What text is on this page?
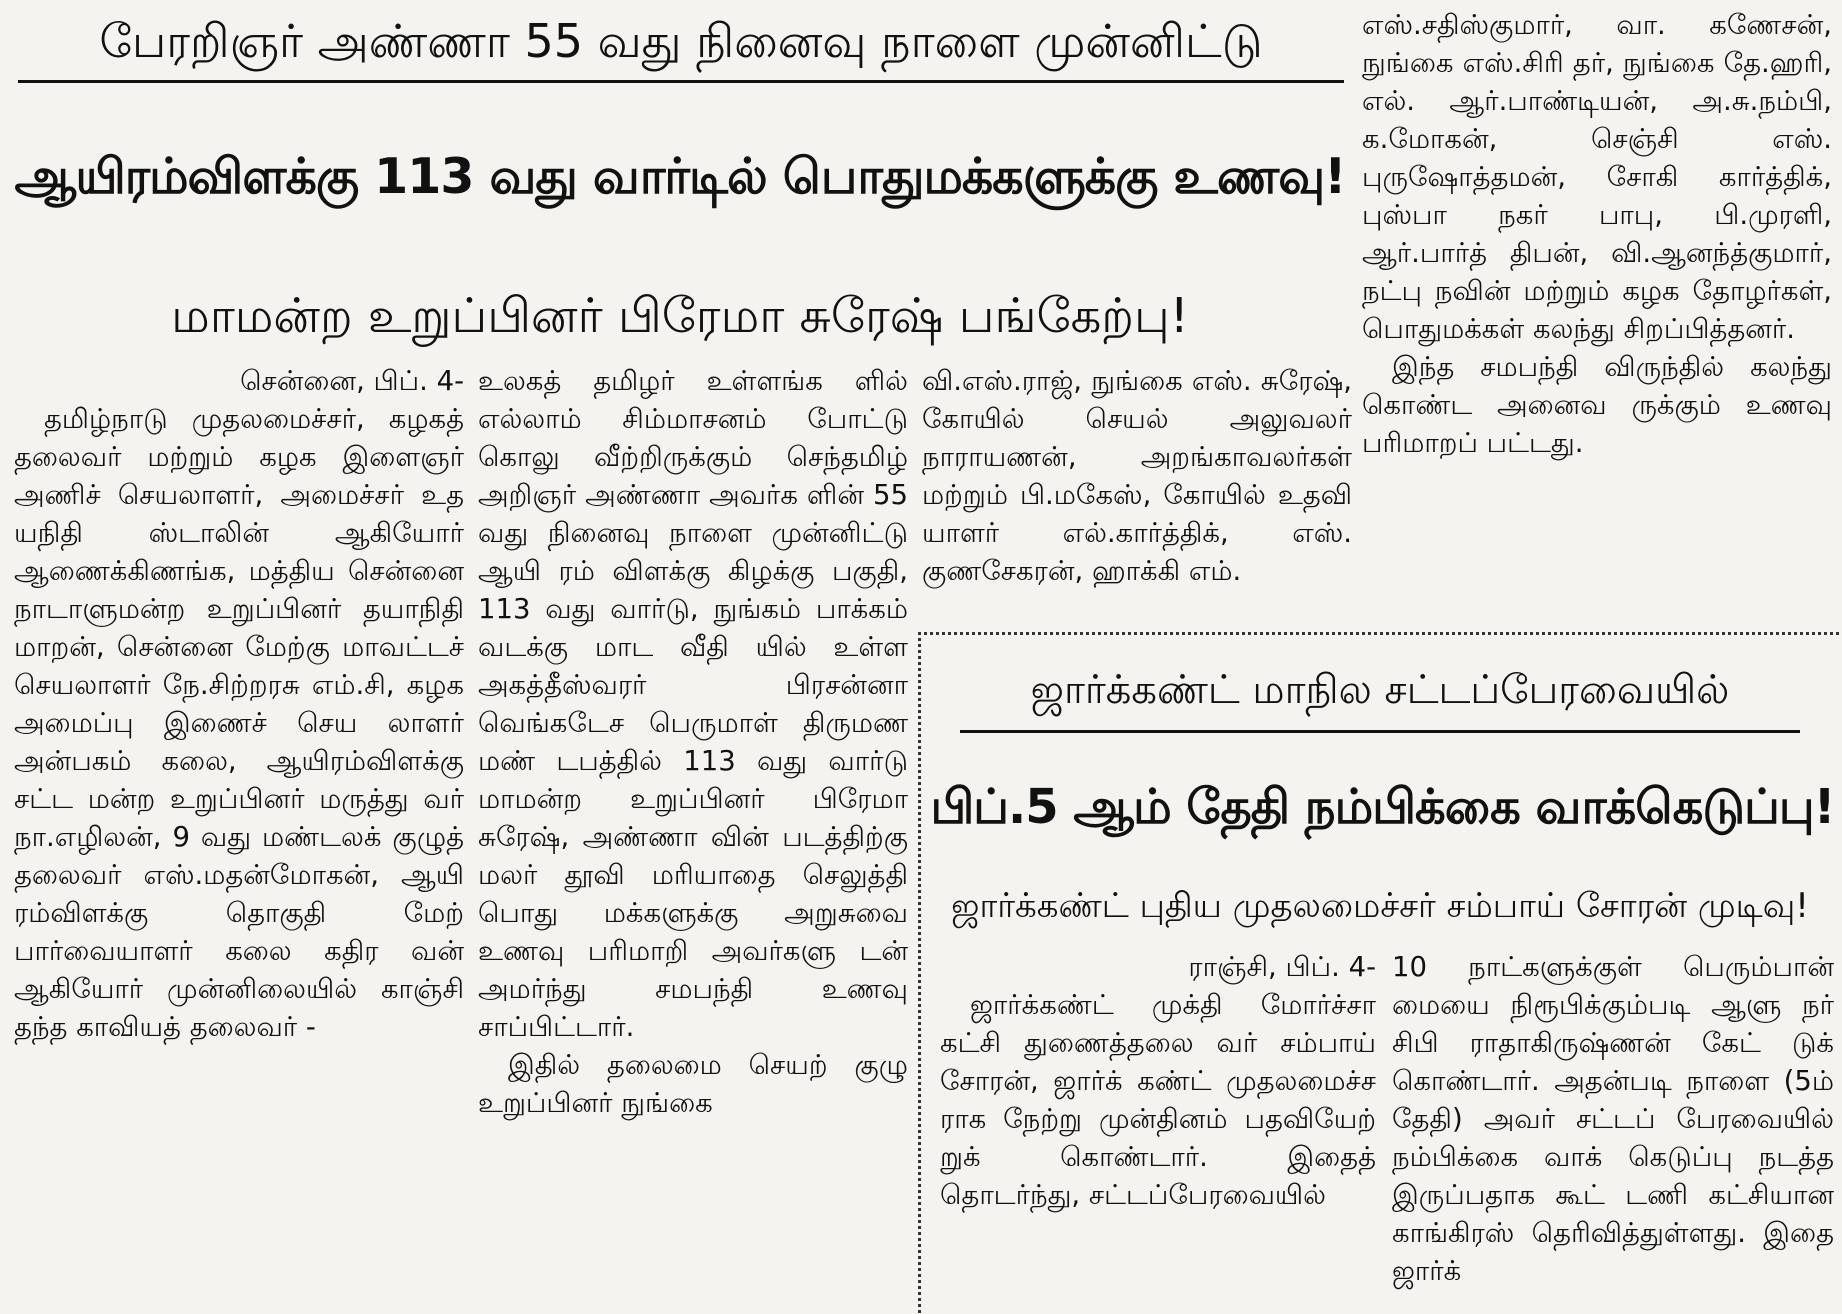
பேரறிஞர் அண்ணா 55 வது நினைவு நாளை முன்னிட்டு
ஆயிரம்விளக்கு 113 வது வார்டில் பொதுமக்களுக்கு உணவு!
மாமன்ற உறுப்பினர் பிரேமா சுரேஷ் பங்கேற்பு!

சென்னை, பிப். 4-

தமிழ்நாடு முதலமைச்சர், கழகத் தலைவர் மற்றும் கழக இளைஞர் அணிச் செயலாளர், அமைச்சர் உத யநிதி ஸ்டாலின் ஆகியோர் ஆணைக்கிணங்க, மத்திய சென்னை நாடாளுமன்ற உறுப்பினர் தயாநிதி மாறன், சென்னை மேற்கு மாவட்டச் செயலாளர் நே.சிற்றரசு எம்.சி, கழக அமைப்பு இணைச் செய லாளர் அன்பகம் கலை, ஆயிரம்விளக்கு சட்ட மன்ற உறுப்பினர் மருத்து வர் நா.எழிலன், 9 வது மண்டலக் குழுத் தலைவர் எஸ்.மதன்மோகன், ஆயி ரம்விளக்கு தொகுதி மேற் பார்வையாளர் கலை கதிர வன் ஆகியோர் முன்னிலையில் காஞ்சி தந்த காவியத் தலைவர் -

உலகத் தமிழர் உள்ளங்க ளில் எல்லாம் சிம்மாசனம் போட்டு கொலு வீற்றிருக்கும் செந்தமிழ் அறிஞர் அண்ணா அவர்க ளின் 55 வது நினைவு நாளை முன்னிட்டு ஆயி ரம் விளக்கு கிழக்கு பகுதி, 113 வது வார்டு, நுங்கம் பாக்கம் வடக்கு மாட வீதி யில் உள்ள அகத்தீஸ்வரர் பிரசன்னா வெங்கடேச பெருமாள் திருமண மண் டபத்தில் 113 வது வார்டு மாமன்ற உறுப்பினர் பிரேமா சுரேஷ், அண்ணா வின் படத்திற்கு மலர் தூவி மரியாதை செலுத்தி பொது மக்களுக்கு அறுசுவை உணவு பரிமாறி அவர்களு டன் அமர்ந்து சமபந்தி உணவு சாப்பிட்டார்.

இதில் தலைமை செயற் குழு உறுப்பினர் நுங்கை

வி.எஸ்.ராஜ், நுங்கை எஸ். சுரேஷ், கோயில் செயல் அலுவலர் நாராயணன், அறங்காவலர்கள் மற்றும் பி.மகேஸ், கோயில் உதவி யாளர் எல்.கார்த்திக், எஸ். குணசேகரன், ஹாக்கி எம்.

எஸ்.சதிஸ்குமார், வா. கணேசன், நுங்கை எஸ்.சிரி தர், நுங்கை தே.ஹரி, எல். ஆர்.பாண்டியன், அ.சு.நம்பி, க.மோகன், செஞ்சி எஸ். புருஷோத்தமன், சோகி கார்த்திக், புஸ்பா நகர் பாபு, பி.முரளி, ஆர்.பார்த் திபன், வி.ஆனந்த்குமார், நட்பு நவின் மற்றும் கழக தோழர்கள், பொதுமக்கள் கலந்து சிறப்பித்தனர்.

இந்த சமபந்தி விருந்தில் கலந்து கொண்ட அனைவ ருக்கும் உணவு பரிமாறப் பட்டது.

ஜார்க்கண்ட் மாநில சட்டப்பேரவையில்
பிப்.5 ஆம் தேதி நம்பிக்கை வாக்கெடுப்பு!
ஜார்க்கண்ட் புதிய முதலமைச்சர் சம்பாய் சோரன் முடிவு!

ராஞ்சி, பிப். 4-

ஜார்க்கண்ட் முக்தி மோர்ச்சா கட்சி துணைத்தலை வர் சம்பாய் சோரன், ஜார்க் கண்ட் முதலமைச்ச ராக நேற்று முன்தினம் பதவியேற் றுக் கொண்டார். இதைத் தொடர்ந்து, சட்டப்பேரவையில்

10 நாட்களுக்குள் பெரும்பான் மையை நிரூபிக்கும்படி ஆளு நர் சிபி ராதாகிருஷ்ணன் கேட் டுக் கொண்டார். அதன்படி நாளை (5ம் தேதி) அவர் சட்டப் பேரவையில் நம்பிக்கை வாக் கெடுப்பு நடத்த இருப்பதாக கூட் டணி கட்சியான காங்கிரஸ் தெரிவித்துள்ளது. இதை ஜார்க்
